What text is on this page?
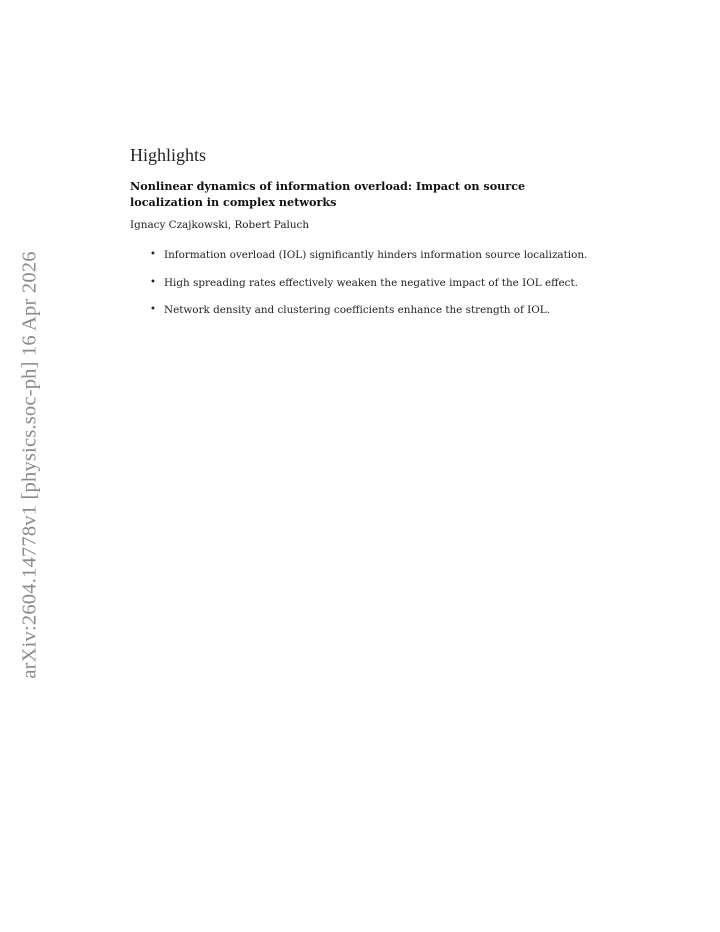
arXiv:2604.14778v1 [physics.soc-ph] 16 Apr 2026
Highlights
Nonlinear dynamics of information overload: Impact on source localization in complex networks
Ignacy Czajkowski, Robert Paluch
• Information overload (IOL) significantly hinders information source localization.
• High spreading rates effectively weaken the negative impact of the IOL effect.
• Network density and clustering coefficients enhance the strength of IOL.
